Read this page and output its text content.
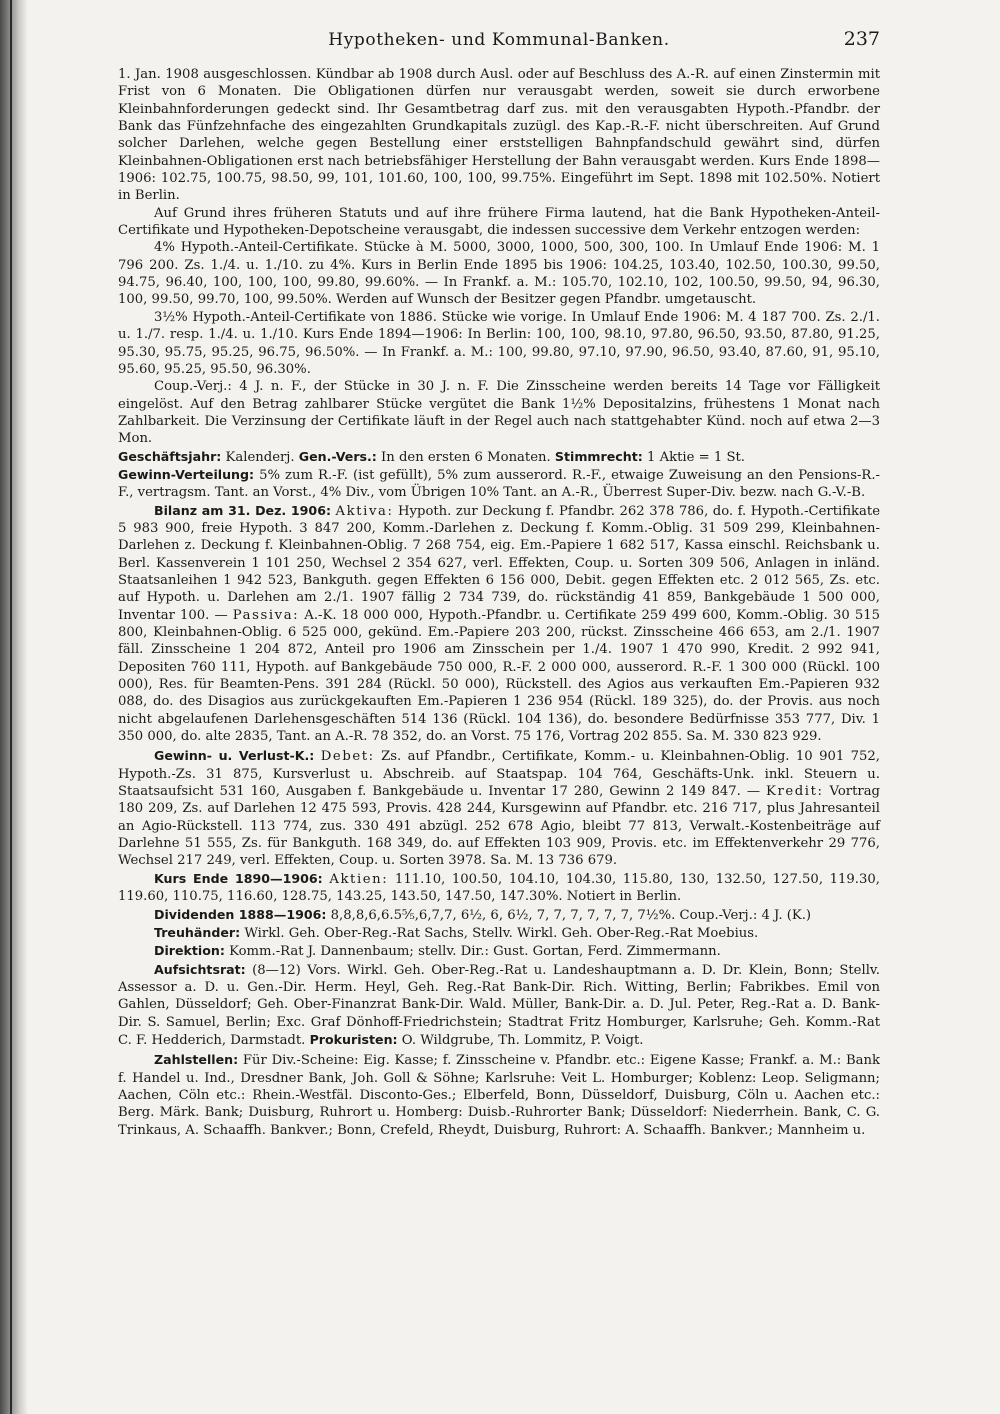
Hypotheken- und Kommunal-Banken.	237

1. Jan. 1908 ausgeschlossen. Kündbar ab 1908 durch Ausl. oder auf Beschluss des A.-R. auf einen Zinstermin mit Frist von 6 Monaten. Die Obligationen dürfen nur verausgabt werden, soweit sie durch erworbene Kleinbahnforderungen gedeckt sind. Ihr Gesamtbetrag darf zus. mit den verausgabten Hypoth.-Pfandbr. der Bank das Fünfzehnfache des eingezahlten Grundkapitals zuzügl. des Kap.-R.-F. nicht überschreiten. Auf Grund solcher Darlehen, welche gegen Bestellung einer erststelligen Bahnpfandschuld gewährt sind, dürfen Kleinbahnen-Obligationen erst nach betriebsfähiger Herstellung der Bahn verausgabt werden. Kurs Ende 1898—1906: 102.75, 100.75, 98.50, 99, 101, 101.60, 100, 100, 99.75%. Eingeführt im Sept. 1898 mit 102.50%. Notiert in Berlin.

Auf Grund ihres früheren Statuts und auf ihre frühere Firma lautend, hat die Bank Hypotheken-Anteil-Certifikate und Hypotheken-Depotscheine verausgabt, die indessen successive dem Verkehr entzogen werden:

4% Hypoth.-Anteil-Certifikate. Stücke à M. 5000, 3000, 1000, 500, 300, 100. In Umlauf Ende 1906: M. 1 796 200. Zs. 1./4. u. 1./10. zu 4%. Kurs in Berlin Ende 1895 bis 1906: 104.25, 103.40, 102.50, 100.30, 99.50, 94.75, 96.40, 100, 100, 100, 99.80, 99.60%. — In Frankf. a. M.: 105.70, 102.10, 102, 100.50, 99.50, 94, 96.30, 100, 99.50, 99.70, 100, 99.50%. Werden auf Wunsch der Besitzer gegen Pfandbr. umgetauscht.

3½% Hypoth.-Anteil-Certifikate von 1886. Stücke wie vorige. In Umlauf Ende 1906: M. 4 187 700. Zs. 2./1. u. 1./7. resp. 1./4. u. 1./10. Kurs Ende 1894—1906: In Berlin: 100, 100, 98.10, 97.80, 96.50, 93.50, 87.80, 91.25, 95.30, 95.75, 95.25, 96.75, 96.50%. — In Frankf. a. M.: 100, 99.80, 97.10, 97.90, 96.50, 93.40, 87.60, 91, 95.10, 95.60, 95.25, 95.50, 96.30%.

Coup.-Verj.: 4 J. n. F., der Stücke in 30 J. n. F. Die Zinsscheine werden bereits 14 Tage vor Fälligkeit eingelöst. Auf den Betrag zahlbarer Stücke vergütet die Bank 1½% Depositalzins, frühestens 1 Monat nach Zahlbarkeit. Die Verzinsung der Certifikate läuft in der Regel auch nach stattgehabter Künd. noch auf etwa 2—3 Mon.

Geschäftsjahr: Kalenderj. Gen.-Vers.: In den ersten 6 Monaten. Stimmrecht: 1 Aktie = 1 St.

Gewinn-Verteilung: 5% zum R.-F. (ist gefüllt), 5% zum ausserord. R.-F., etwaige Zuweisung an den Pensions-R.-F., vertragsm. Tant. an Vorst., 4% Div., vom Übrigen 10% Tant. an A.-R., Überrest Super-Div. bezw. nach G.-V.-B.

Bilanz am 31. Dez. 1906: Aktiva: Hypoth. zur Deckung f. Pfandbr. 262 378 786, do. f. Hypoth.-Certifikate 5 983 900, freie Hypoth. 3 847 200, Komm.-Darlehen z. Deckung f. Komm.-Oblig. 31 509 299, Kleinbahnen-Darlehen z. Deckung f. Kleinbahnen-Oblig. 7 268 754, eig. Em.-Papiere 1 682 517, Kassa einschl. Reichsbank u. Berl. Kassenverein 1 101 250, Wechsel 2 354 627, verl. Effekten, Coup. u. Sorten 309 506, Anlagen in inländ. Staatsanleihen 1 942 523, Bankguth. gegen Effekten 6 156 000, Debit. gegen Effekten etc. 2 012 565, Zs. etc. auf Hypoth. u. Darlehen am 2./1. 1907 fällig 2 734 739, do. rückständig 41 859, Bankgebäude 1 500 000, Inventar 100. — Passiva: A.-K. 18 000 000, Hypoth.-Pfandbr. u. Certifikate 259 499 600, Komm.-Oblig. 30 515 800, Kleinbahnen-Oblig. 6 525 000, gekünd. Em.-Papiere 203 200, rückst. Zinsscheine 466 653, am 2./1. 1907 fäll. Zinsscheine 1 204 872, Anteil pro 1906 am Zinsschein per 1./4. 1907 1 470 990, Kredit. 2 992 941, Depositen 760 111, Hypoth. auf Bankgebäude 750 000, R.-F. 2 000 000, ausserord. R.-F. 1 300 000 (Rückl. 100 000), Res. für Beamten-Pens. 391 284 (Rückl. 50 000), Rückstell. des Agios aus verkauften Em.-Papieren 932 088, do. des Disagios aus zurückgekauften Em.-Papieren 1 236 954 (Rückl. 189 325), do. der Provis. aus noch nicht abgelaufenen Darlehensgeschäften 514 136 (Rückl. 104 136), do. besondere Bedürfnisse 353 777, Div. 1 350 000, do. alte 2835, Tant. an A.-R. 78 352, do. an Vorst. 75 176, Vortrag 202 855. Sa. M. 330 823 929.

Gewinn- u. Verlust-K.: Debet: Zs. auf Pfandbr., Certifikate, Komm.- u. Kleinbahnen-Oblig. 10 901 752, Hypoth.-Zs. 31 875, Kursverlust u. Abschreib. auf Staatspap. 104 764, Geschäfts-Unk. inkl. Steuern u. Staatsaufsicht 531 160, Ausgaben f. Bankgebäude u. Inventar 17 280, Gewinn 2 149 847. — Kredit: Vortrag 180 209, Zs. auf Darlehen 12 475 593, Provis. 428 244, Kursgewinn auf Pfandbr. etc. 216 717, plus Jahresanteil an Agio-Rückstell. 113 774, zus. 330 491 abzügl. 252 678 Agio, bleibt 77 813, Verwalt.-Kostenbeiträge auf Darlehne 51 555, Zs. für Bankguth. 168 349, do. auf Effekten 103 909, Provis. etc. im Effektenverkehr 29 776, Wechsel 217 249, verl. Effekten, Coup. u. Sorten 3978. Sa. M. 13 736 679.

Kurs Ende 1890—1906: Aktien: 111.10, 100.50, 104.10, 104.30, 115.80, 130, 132.50, 127.50, 119.30, 119.60, 110.75, 116.60, 128.75, 143.25, 143.50, 147.50, 147.30%. Notiert in Berlin.

Dividenden 1888—1906: 8,8,8,6,6.5⁵⁄₅,6,7,7, 6½, 6, 6½, 7, 7, 7, 7, 7, 7, 7½%. Coup.-Verj.: 4 J. (K.)

Treuhänder: Wirkl. Geh. Ober-Reg.-Rat Sachs, Stellv. Wirkl. Geh. Ober-Reg.-Rat Moebius.

Direktion: Komm.-Rat J. Dannenbaum; stellv. Dir.: Gust. Gortan, Ferd. Zimmermann.

Aufsichtsrat: (8—12) Vors. Wirkl. Geh. Ober-Reg.-Rat u. Landeshauptmann a. D. Dr. Klein, Bonn; Stellv. Assessor a. D. u. Gen.-Dir. Herm. Heyl, Geh. Reg.-Rat Bank-Dir. Rich. Witting, Berlin; Fabrikbes. Emil von Gahlen, Düsseldorf; Geh. Ober-Finanzrat Bank-Dir. Wald. Müller, Bank-Dir. a. D. Jul. Peter, Reg.-Rat a. D. Bank-Dir. S. Samuel, Berlin; Exc. Graf Dönhoff-Friedrichstein; Stadtrat Fritz Homburger, Karlsruhe; Geh. Komm.-Rat C. F. Hedderich, Darmstadt. Prokuristen: O. Wildgrube, Th. Lommitz, P. Voigt.

Zahlstellen: Für Div.-Scheine: Eig. Kasse; f. Zinsscheine v. Pfandbr. etc.: Eigene Kasse; Frankf. a. M.: Bank f. Handel u. Ind., Dresdner Bank, Joh. Goll & Söhne; Karlsruhe: Veit L. Homburger; Koblenz: Leop. Seligmann; Aachen, Cöln etc.: Rhein.-Westfäl. Disconto-Ges.; Elberfeld, Bonn, Düsseldorf, Duisburg, Cöln u. Aachen etc.: Berg. Märk. Bank; Duisburg, Ruhrort u. Homberg: Duisb.-Ruhrorter Bank; Düsseldorf: Niederrhein. Bank, C. G. Trinkaus, A. Schaaffh. Bankver.; Bonn, Crefeld, Rheydt, Duisburg, Ruhrort: A. Schaaffh. Bankver.; Mannheim u.
